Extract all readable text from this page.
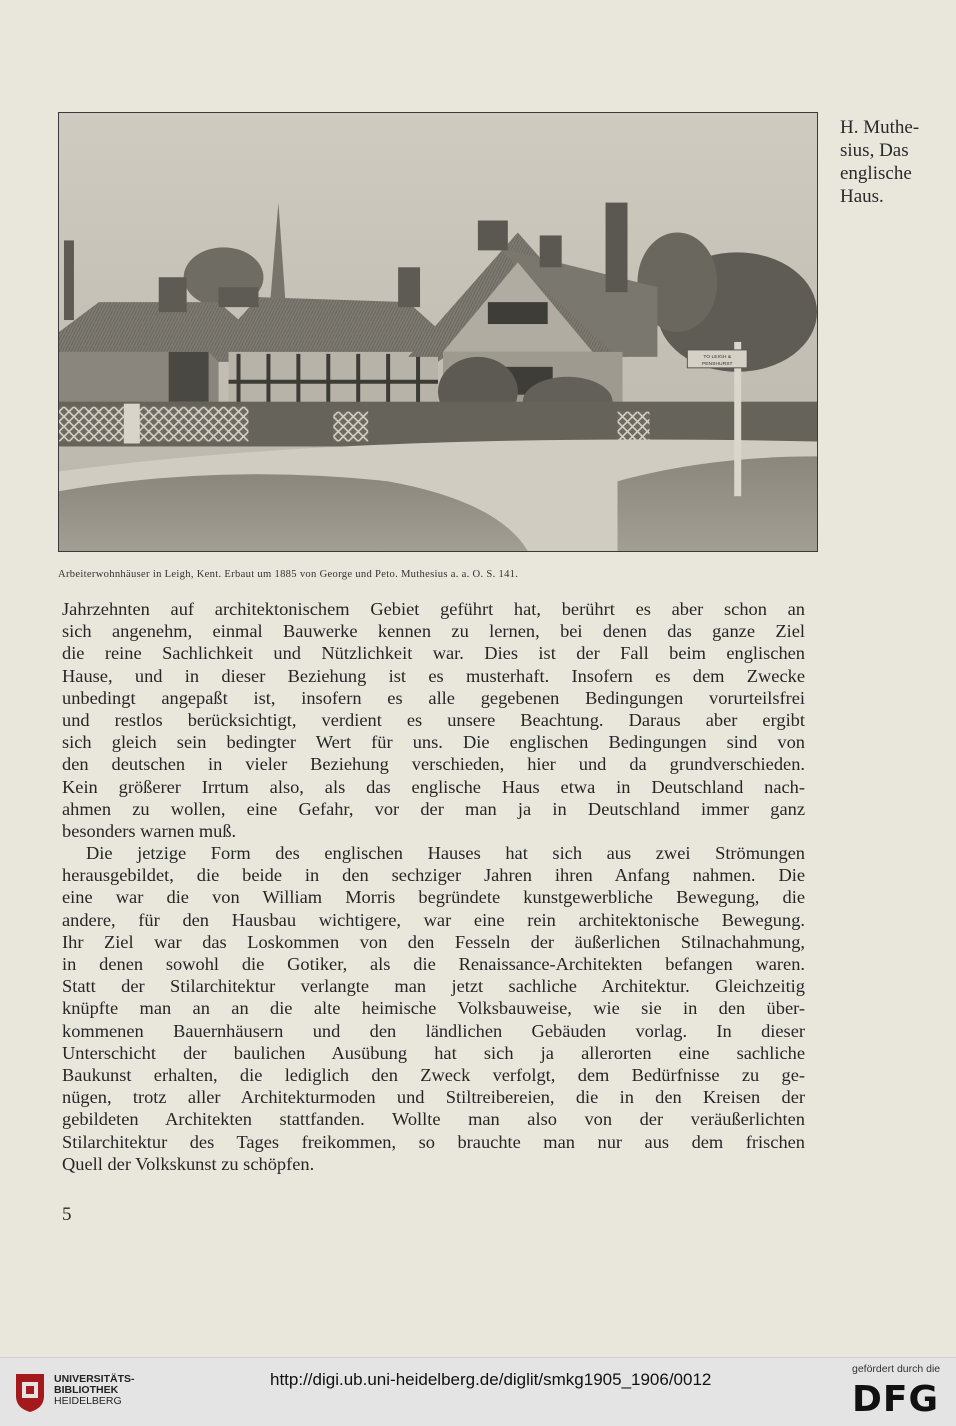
H. Muthe-
sius, Das
englische
Haus.
TO LEIGH &
PENSHURST
Arbeiterwohnhäuser in Leigh, Kent. Erbaut um 1885 von George und Peto. Muthesius a. a. O. S. 141.

Jahrzehnten auf architektonischem Gebiet geführt hat, berührt es aber schon an
sich angenehm, einmal Bauwerke kennen zu lernen, bei denen das ganze Ziel
die reine Sachlichkeit und Nützlichkeit war. Dies ist der Fall beim englischen
Hause, und in dieser Beziehung ist es musterhaft. Insofern es dem Zwecke
unbedingt angepaßt ist, insofern es alle gegebenen Bedingungen vorurteilsfrei
und restlos berücksichtigt, verdient es unsere Beachtung. Daraus aber ergibt
sich gleich sein bedingter Wert für uns. Die englischen Bedingungen sind von
den deutschen in vieler Beziehung verschieden, hier und da grundverschieden.
Kein größerer Irrtum also, als das englische Haus etwa in Deutschland nach-
ahmen zu wollen, eine Gefahr, vor der man ja in Deutschland immer ganz
besonders warnen muß.

Die jetzige Form des englischen Hauses hat sich aus zwei Strömungen
herausgebildet, die beide in den sechziger Jahren ihren Anfang nahmen. Die
eine war die von William Morris begründete kunstgewerbliche Bewegung, die
andere, für den Hausbau wichtigere, war eine rein architektonische Bewegung.
Ihr Ziel war das Loskommen von den Fesseln der äußerlichen Stilnachahmung,
in denen sowohl die Gotiker, als die Renaissance-Architekten befangen waren.
Statt der Stilarchitektur verlangte man jetzt sachliche Architektur. Gleichzeitig
knüpfte man an an die alte heimische Volksbauweise, wie sie in den über-
kommenen Bauernhäusern und den ländlichen Gebäuden vorlag. In dieser
Unterschicht der baulichen Ausübung hat sich ja allerorten eine sachliche
Baukunst erhalten, die lediglich den Zweck verfolgt, dem Bedürfnisse zu ge-
nügen, trotz aller Architekturmoden und Stiltreibereien, die in den Kreisen der
gebildeten Architekten stattfanden. Wollte man also von der veräußerlichten
Stilarchitektur des Tages freikommen, so brauchte man nur aus dem frischen
Quell der Volkskunst zu schöpfen.

5
UNIVERSITÄTS-
BIBLIOTHEK
HEIDELBERG
http://digi.ub.uni-heidelberg.de/diglit/smkg1905_1906/0012
gefördert durch die
DFG
